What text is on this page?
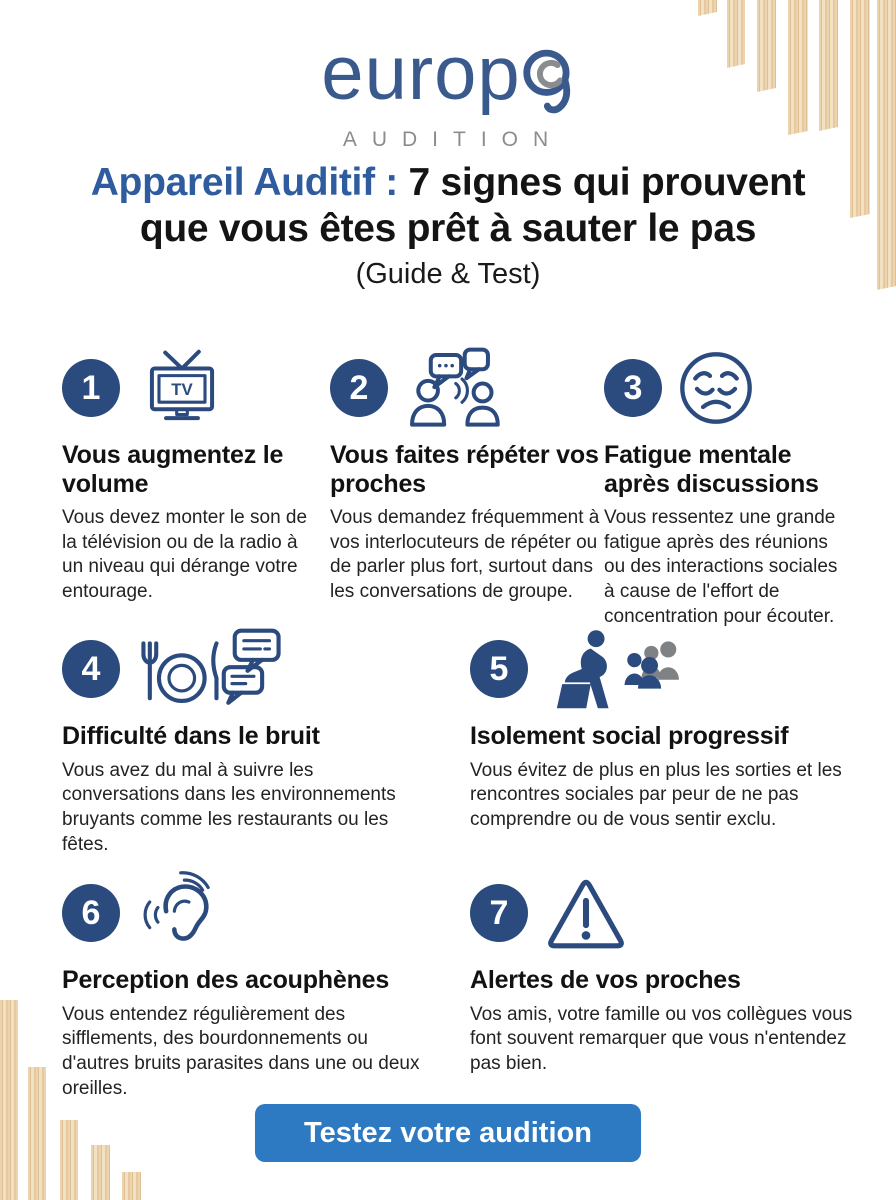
europ
AUDITION
Appareil Auditif : 7 signes qui prouvent
que vous êtes prêt à sauter le pas
(Guide & Test)
1	TV
Vous augmentez le volume
Vous devez monter le son de la télévision ou de la radio à un niveau qui dérange votre entourage.
2
Vous faites répéter vos proches
Vous demandez fréquemment à vos interlocuteurs de répéter ou de parler plus fort, surtout dans les conversations de groupe.
3
Fatigue mentale après discussions
Vous ressentez une grande fatigue après des réunions ou des interactions sociales à cause de l'effort de concentration pour écouter.
4
Difficulté dans le bruit
Vous avez du mal à suivre les conversations dans les environnements bruyants comme les restaurants ou les fêtes.
5
Isolement social progressif
Vous évitez de plus en plus les sorties et les rencontres sociales par peur de ne pas comprendre ou de vous sentir exclu.
6
Perception des acouphènes
Vous entendez régulièrement des sifflements, des bourdonnements ou d'autres bruits parasites dans une ou deux oreilles.
7
Alertes de vos proches
Vos amis, votre famille ou vos collègues vous font souvent remarquer que vous n'entendez pas bien.
Testez votre audition
